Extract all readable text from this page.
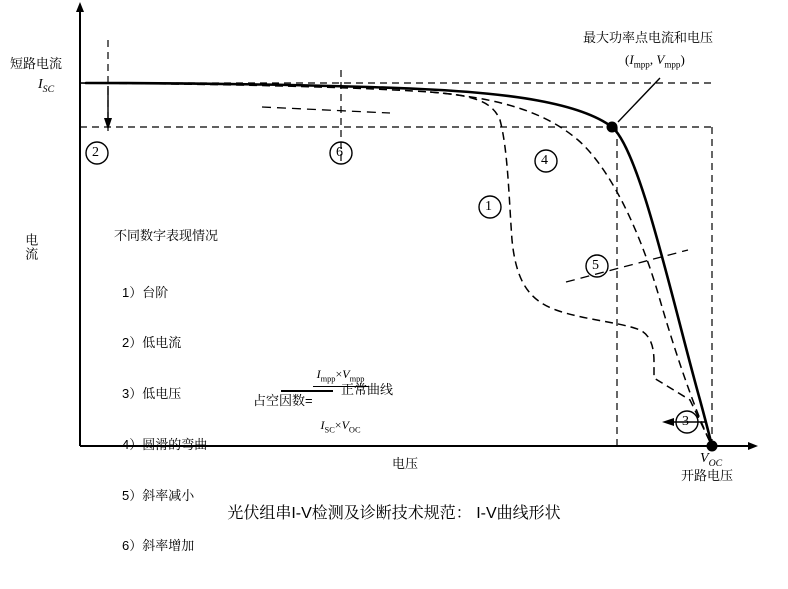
1
2
3
4
5
6
短路电流
$I_{SC}$
电流
电压	$V_{OC}$
开路电压
最大功率点电流和电压
($I_{mpp}$, $V_{mpp}$)
不同数字表现情况

1）台阶

2）低电流

3）低电压

4）圆滑的弯曲

5）斜率减小

6）斜率增加

占空因数=

$\frac{I_{mpp}\times V_{mpp}}{I_{SC}\times V_{OC}}$

正常曲线
光伏组串I-V检测及诊断技术规范： I-V曲线形状
